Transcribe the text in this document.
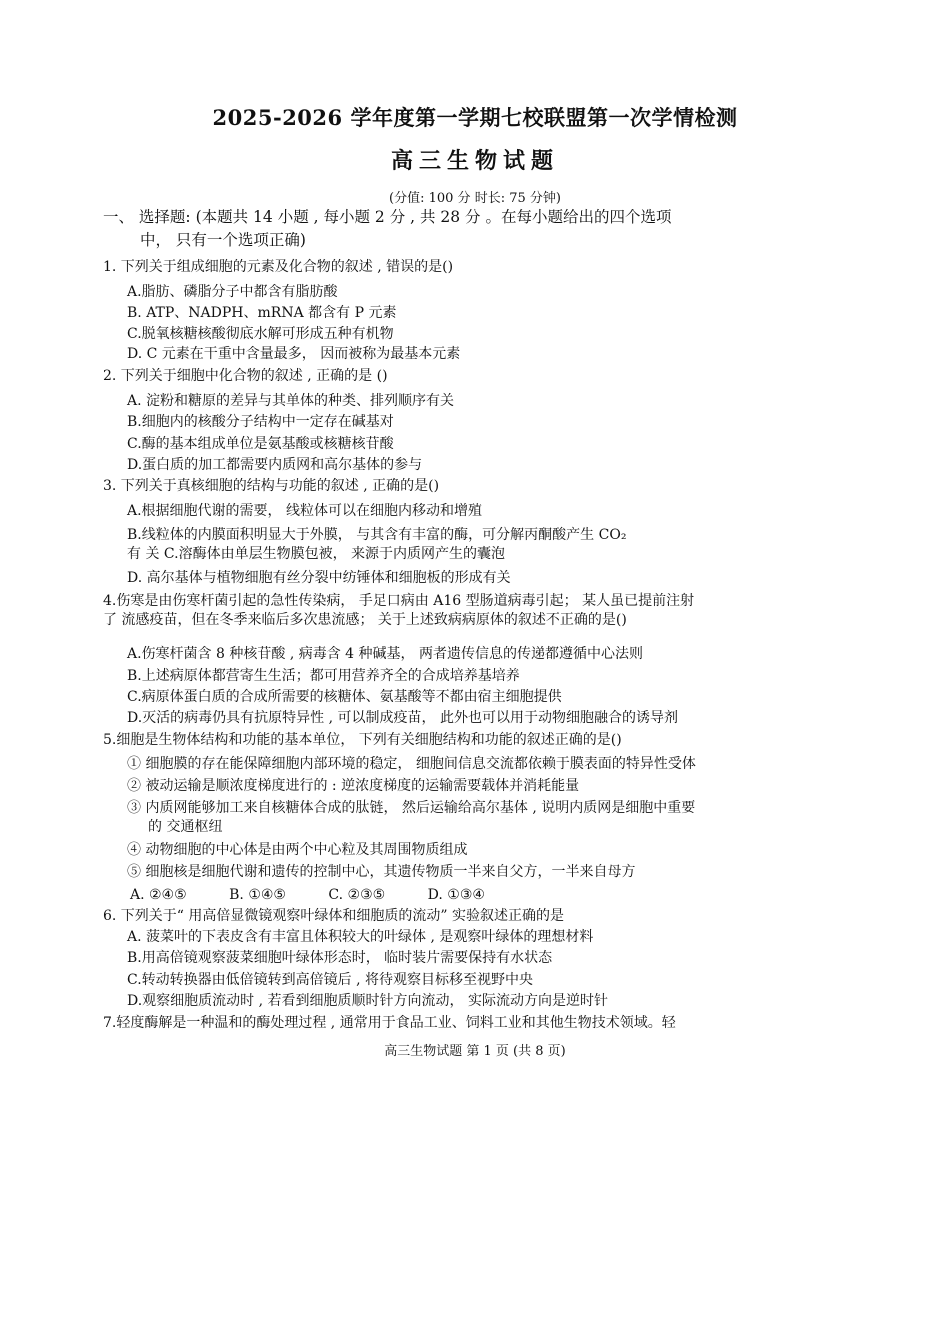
2025-2026 学年度第一学期七校联盟第一次学情检测
高三生物试题
(分值: 100 分 时长: 75 分钟)
一、 选择题: (本题共 14 小题 , 每小题 2 分 , 共 28 分 。在每小题给出的四个选项
中， 只有一个选项正确)
1. 下列关于组成细胞的元素及化合物的叙述 , 错误的是()
A.脂肪、磷脂分子中都含有脂肪酸
B. ATP、NADPH、mRNA 都含有 P 元素
C.脱氧核糖核酸彻底水解可形成五种有机物
D. C 元素在干重中含量最多， 因而被称为最基本元素
2. 下列关于细胞中化合物的叙述 , 正确的是 ()
A. 淀粉和糖原的差异与其单体的种类、排列顺序有关
B.细胞内的核酸分子结构中一定存在碱基对
C.酶的基本组成单位是氨基酸或核糖核苷酸
D.蛋白质的加工都需要内质网和高尔基体的参与
3. 下列关于真核细胞的结构与功能的叙述 , 正确的是()
A.根据细胞代谢的需要， 线粒体可以在细胞内移动和增殖
B.线粒体的内膜面积明显大于外膜， 与其含有丰富的酶，可分解丙酮酸产生 CO₂
有 关 C.溶酶体由单层生物膜包被， 来源于内质网产生的囊泡
D. 高尔基体与植物细胞有丝分裂中纺锤体和细胞板的形成有关
4.伤寒是由伤寒杆菌引起的急性传染病， 手足口病由 A16 型肠道病毒引起； 某人虽已提前注射
了 流感疫苗，但在冬季来临后多次患流感； 关于上述致病病原体的叙述不正确的是()
A.伤寒杆菌含 8 种核苷酸 , 病毒含 4 种碱基， 两者遗传信息的传递都遵循中心法则
B.上述病原体都营寄生生活；都可用营养齐全的合成培养基培养
C.病原体蛋白质的合成所需要的核糖体、氨基酸等不都由宿主细胞提供
D.灭活的病毒仍具有抗原特异性 , 可以制成疫苗， 此外也可以用于动物细胞融合的诱导剂
5.细胞是生物体结构和功能的基本单位， 下列有关细胞结构和功能的叙述正确的是()
① 细胞膜的存在能保障细胞内部环境的稳定， 细胞间信息交流都依赖于膜表面的特异性受体
② 被动运输是顺浓度梯度进行的 : 逆浓度梯度的运输需要载体并消耗能量
③ 内质网能够加工来自核糖体合成的肽链， 然后运输给高尔基体 , 说明内质网是细胞中重要
的 交通枢纽
④ 动物细胞的中心体是由两个中心粒及其周围物质组成
⑤ 细胞核是细胞代谢和遗传的控制中心，其遗传物质一半来自父方，一半来自母方
A. ②④⑤	B. ①④⑤	C. ②③⑤	D. ①③④
6. 下列关于“ 用高倍显微镜观察叶绿体和细胞质的流动” 实验叙述正确的是
A. 菠菜叶的下表皮含有丰富且体积较大的叶绿体 , 是观察叶绿体的理想材料
B.用高倍镜观察菠菜细胞叶绿体形态时， 临时装片需要保持有水状态
C.转动转换器由低倍镜转到高倍镜后 , 将待观察目标移至视野中央
D.观察细胞质流动时 , 若看到细胞质顺时针方向流动， 实际流动方向是逆时针
7.轻度酶解是一种温和的酶处理过程 , 通常用于食品工业、饲料工业和其他生物技术领域。轻
高三生物试题 第 1 页 (共 8 页)
